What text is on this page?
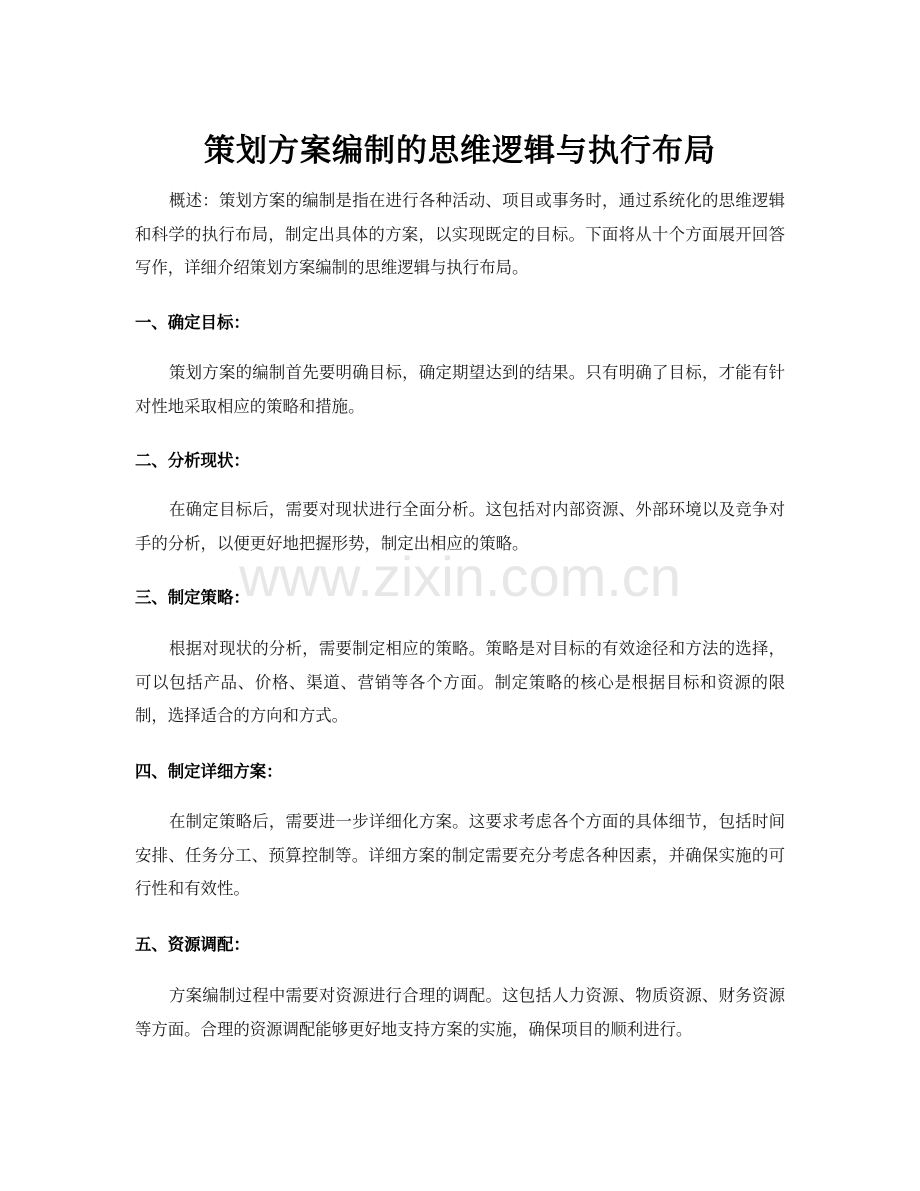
策划方案编制的思维逻辑与执行布局

概述：策划方案的编制是指在进行各种活动、项目或事务时，通过系统化的思维逻辑和科学的执行布局，制定出具体的方案，以实现既定的目标。下面将从十个方面展开回答写作，详细介绍策划方案编制的思维逻辑与执行布局。

一、确定目标：

策划方案的编制首先要明确目标，确定期望达到的结果。只有明确了目标，才能有针对性地采取相应的策略和措施。

二、分析现状：

在确定目标后，需要对现状进行全面分析。这包括对内部资源、外部环境以及竞争对手的分析，以便更好地把握形势，制定出相应的策略。

三、制定策略：

根据对现状的分析，需要制定相应的策略。策略是对目标的有效途径和方法的选择，可以包括产品、价格、渠道、营销等各个方面。制定策略的核心是根据目标和资源的限制，选择适合的方向和方式。

四、制定详细方案：

在制定策略后，需要进一步详细化方案。这要求考虑各个方面的具体细节，包括时间安排、任务分工、预算控制等。详细方案的制定需要充分考虑各种因素，并确保实施的可行性和有效性。

五、资源调配：

方案编制过程中需要对资源进行合理的调配。这包括人力资源、物质资源、财务资源等方面。合理的资源调配能够更好地支持方案的实施，确保项目的顺利进行。

www.zixin.com.cn
